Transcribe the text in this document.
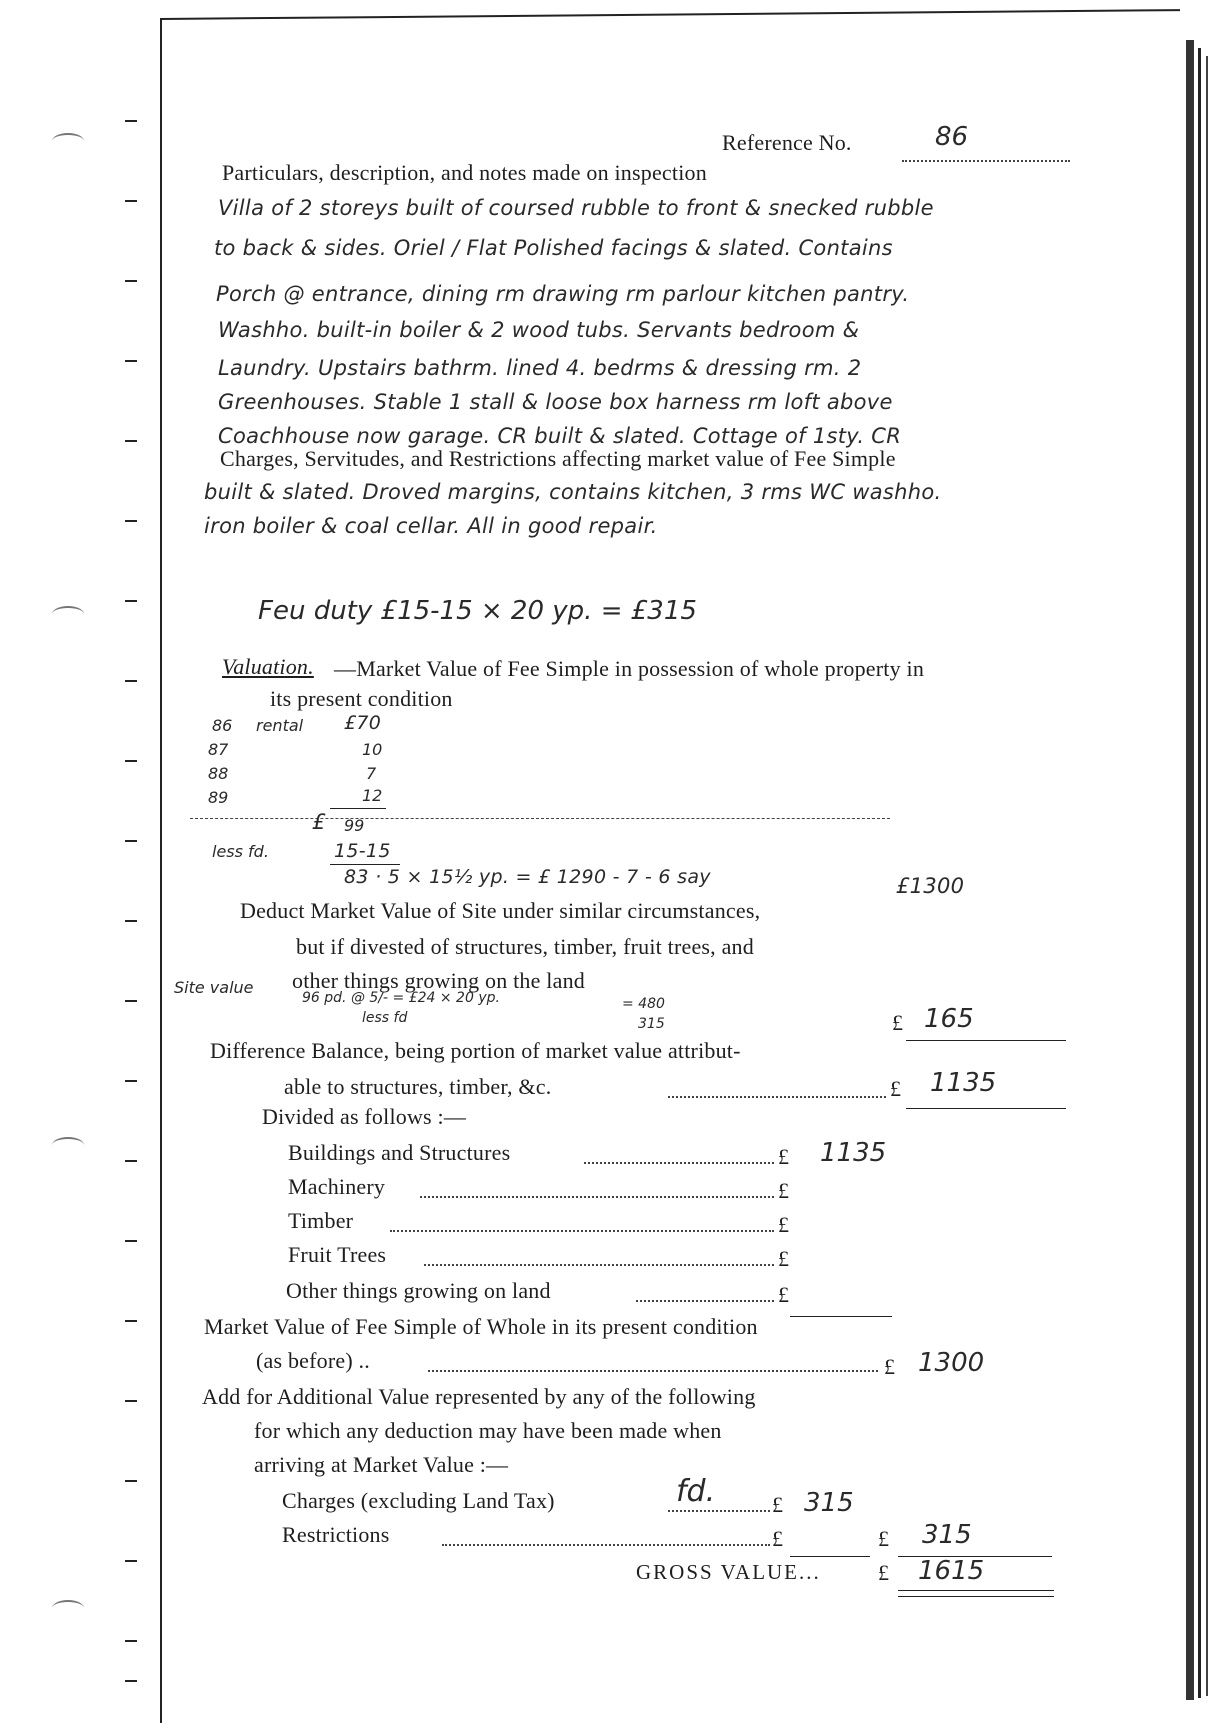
Reference No.	86
Particulars, description, and notes made on inspection
Villa of 2 storeys built of coursed rubble to front & snecked rubble
to back & sides. Oriel / Flat Polished facings & slated. Contains
Porch @ entrance, dining rm drawing rm parlour kitchen pantry.
Washho. built-in boiler & 2 wood tubs. Servants bedroom &
Laundry. Upstairs bathrm. lined 4. bedrms & dressing rm. 2
Greenhouses. Stable 1 stall & loose box harness rm loft above
Coachhouse now garage. CR built & slated. Cottage of 1sty. CR
Charges, Servitudes, and Restrictions affecting market value of Fee Simple
built & slated. Droved margins, contains kitchen, 3 rms WC washho.
iron boiler & coal cellar. All in good repair.
Feu duty £15-15 × 20 yp. = £315
Valuation. —Market Value of Fee Simple in possession of whole property in
its present condition
86 rental £70
87	10
88	7
89	12
£ 99
less fd.	15-15
83 · 5 × 15½ yp. = £ 1290 - 7 - 6 say	£1300
Deduct Market Value of Site under similar circumstances,
but if divested of structures, timber, fruit trees, and
other things growing on the land
Site value
96 pd. @ 5/- = £24 × 20 yp.	= 480
less fd	315	£ 165
Difference Balance, being portion of market value attribut-
able to structures, timber, &c.	£ 1135
Divided as follows :—
Buildings and Structures	£ 1135
Machinery	£
Timber	£
Fruit Trees	£
Other things growing on land	£
Market Value of Fee Simple of Whole in its present condition
(as before) ..	£ 1300
Add for Additional Value represented by any of the following
for which any deduction may have been made when
arriving at Market Value :—
Charges (excluding Land Tax)	fd.	£ 315
Restrictions	£	£ 315
GROSS VALUE...	£ 1615
